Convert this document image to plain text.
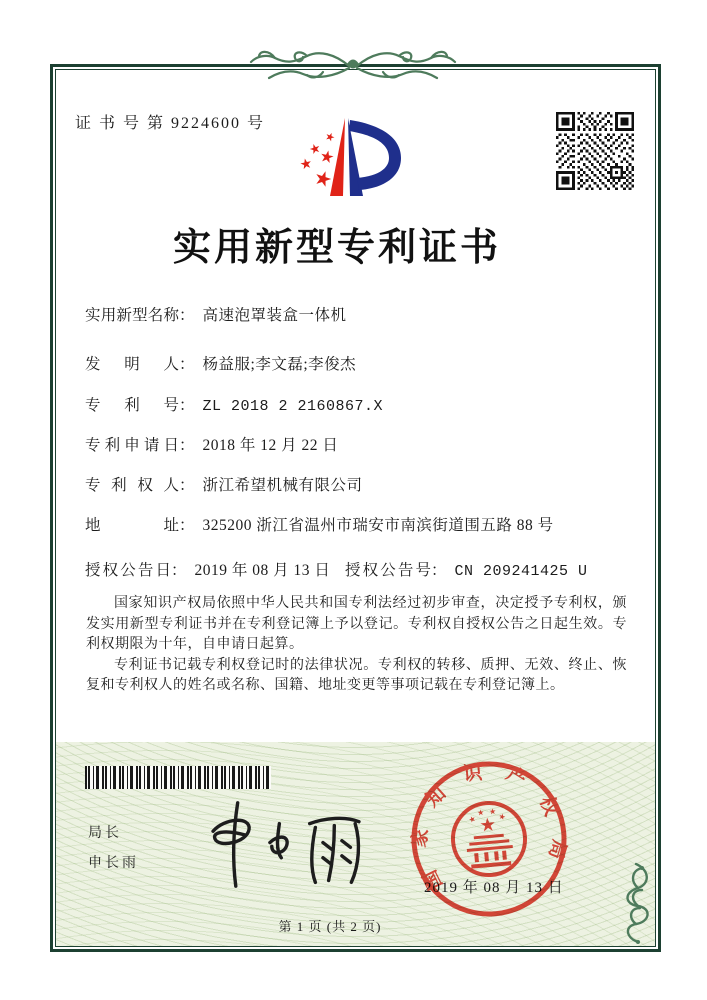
证 书 号 第 9224600 号
实用新型专利证书
实用新型名称： 高速泡罩装盒一体机
发明人： 杨益服;李文磊;李俊杰
专利号： ZL 2018 2 2160867.X
专利申请日： 2018 年 12 月 22 日
专利权人： 浙江希望机械有限公司
地址： 325200 浙江省温州市瑞安市南滨街道围五路 88 号
授权公告日： 2019 年 08 月 13 日 授权公告号： CN 209241425 U

国家知识产权局依照中华人民共和国专利法经过初步审查，决定授予专利权，颁发实用新型专利证书并在专利登记簿上予以登记。专利权自授权公告之日起生效。专利权期限为十年，自申请日起算。

专利证书记载专利权登记时的法律状况。专利权的转移、质押、无效、终止、恢复和专利权人的姓名或名称、国籍、地址变更等事项记载在专利登记簿上。

局长
申长雨
2019 年 08 月 13 日
国家知识产权局
第 1 页 (共 2 页)
